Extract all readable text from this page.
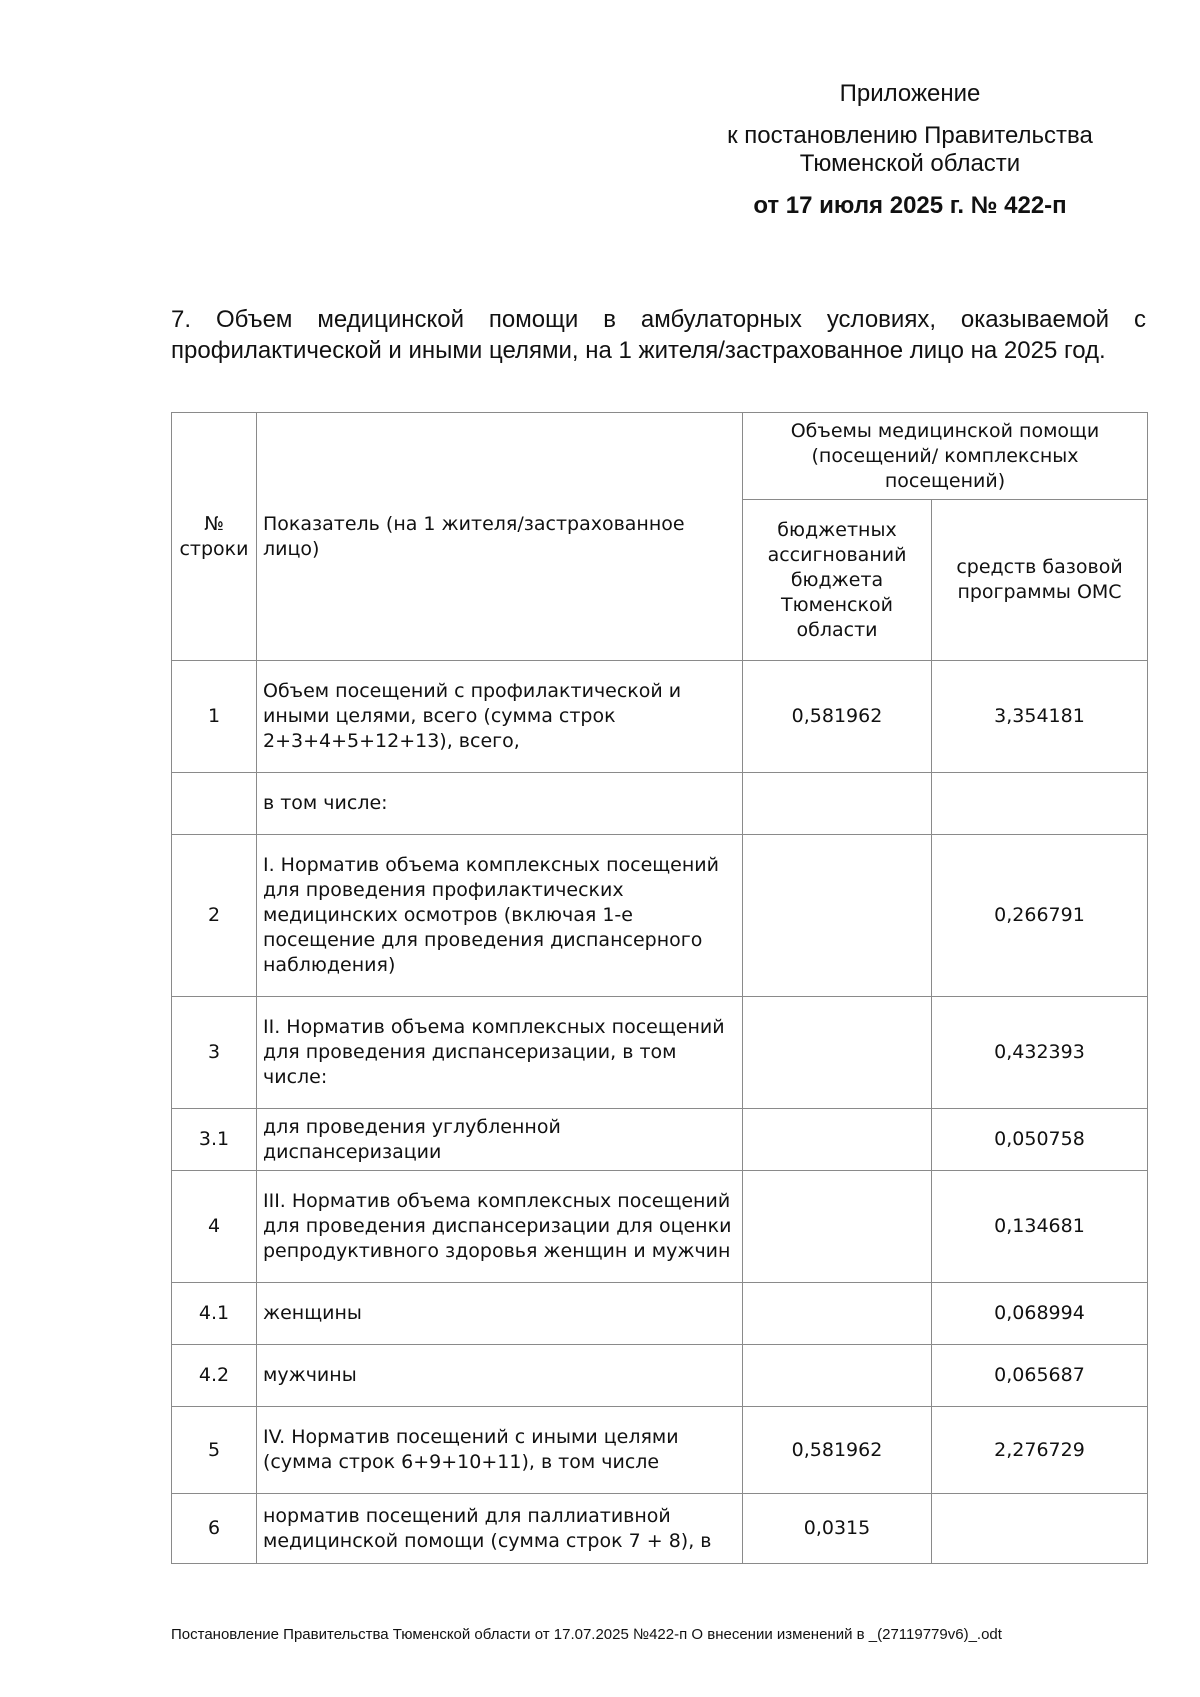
Приложение
к постановлению Правительства
Тюменской области
от 17 июля 2025 г. № 422-п
7. Объем медицинской помощи в амбулаторных условиях, оказываемой с профилактической и иными целями, на 1 жителя/застрахованное лицо на 2025 год.
№ строки	Показатель (на 1 жителя/застрахованное лицо)	Объемы медицинской помощи (посещений/ комплексных посещений)	
		бюджетных ассигнований бюджета Тюменской области	средств базовой программы ОМС
1	Объем посещений с профилактической и иными целями, всего (сумма строк 2+3+4+5+12+13), всего,	0,581962	3,354181
	в том числе:		
2	I. Норматив объема комплексных посещений для проведения профилактических медицинских осмотров (включая 1-е посещение для проведения диспансерного наблюдения)		0,266791
3	II. Норматив объема комплексных посещений для проведения диспансеризации, в том числе:		0,432393
3.1	для проведения углубленной диспансеризации		0,050758
4	III. Норматив объема комплексных посещений для проведения диспансеризации для оценки репродуктивного здоровья женщин и мужчин		0,134681
4.1	женщины		0,068994
4.2	мужчины		0,065687
5	IV. Норматив посещений с иными целями (сумма строк 6+9+10+11), в том числе	0,581962	2,276729
6	норматив посещений для паллиативной медицинской помощи (сумма строк 7 + 8), в	0,0315	
Постановление Правительства Тюменской области от 17.07.2025 №422-п О внесении изменений в _(27119779v6)_.odt
